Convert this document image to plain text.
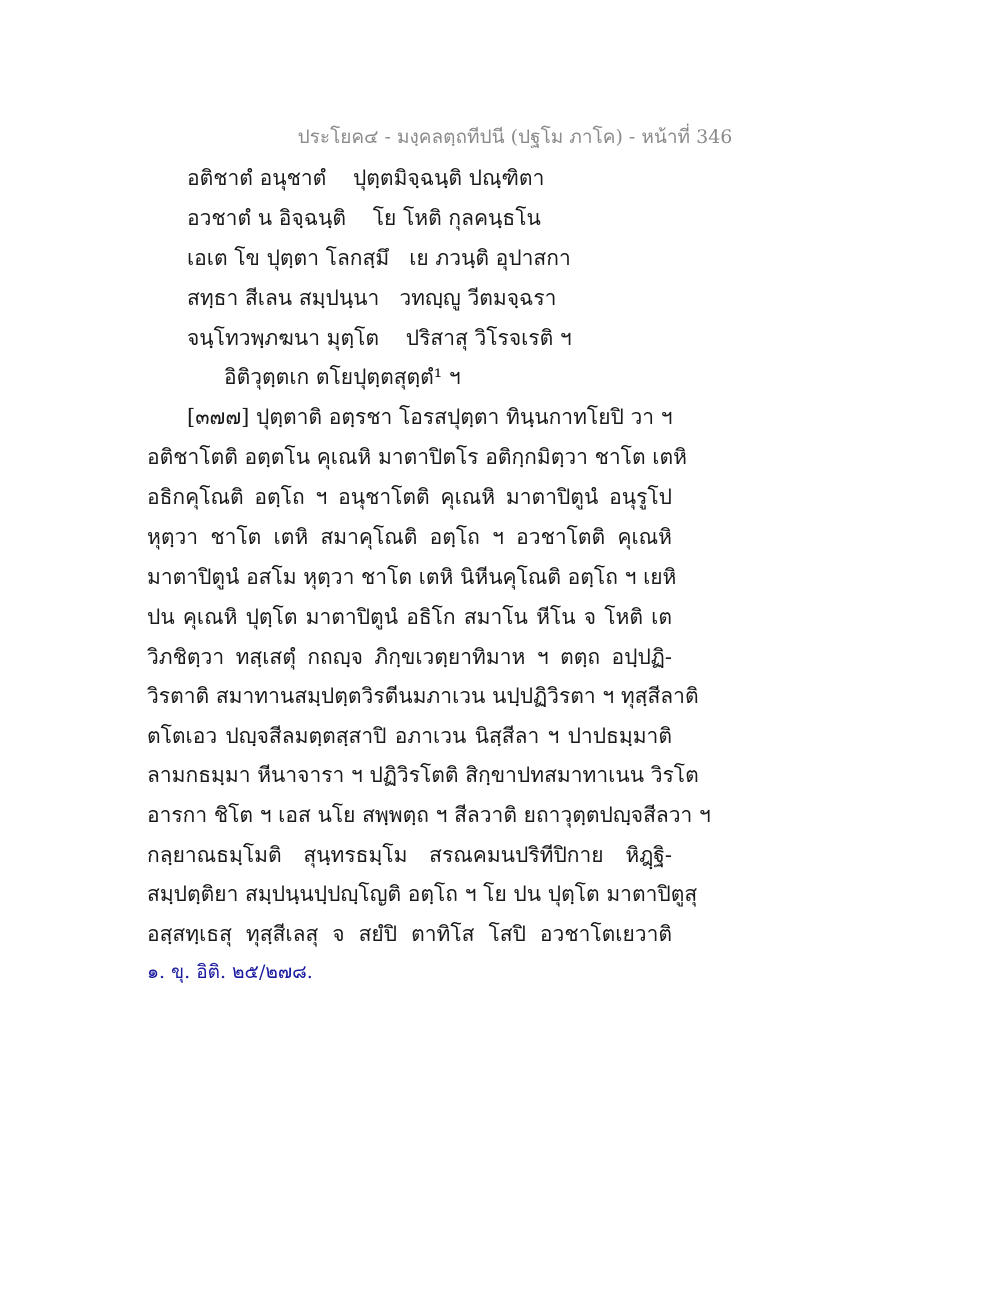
ประโยค๔ - มงฺคลตฺถทีปนี (ปฐโม ภาโค) - หน้าที่ 346
อติชาตํ อนุชาตํ    ปุตฺตมิจฺฉนฺติ ปณฺฑิตา
อวชาตํ น อิจฺฉนฺติ    โย โหติ กุลคนฺธโน
เอเต โข ปุตฺตา โลกสฺมึ   เย ภวนฺติ อุปาสกา
สทฺธา สีเลน สมฺปนฺนา   วทญฺญู วีตมจฺฉรา
จนฺโทวพฺภฆนา มุตฺโต    ปริสาสุ วิโรจเรติ ฯ
อิติวุตฺตเก ตโยปุตฺตสุตฺตํ¹ ฯ
[๓๗๗] ปุตฺตาติ อตฺรชา โอรสปุตฺตา ทินฺนกาทโยปิ วา ฯ
อติชาโตติ อตฺตโน คุเณหิ มาตาปิตโร อติกฺกมิตฺวา ชาโต เตหิ
อธิกคุโณติ อตฺโถ ฯ อนุชาโตติ คุเณหิ มาตาปิตูนํ อนุรูโป
หุตฺวา ชาโต เตหิ สมาคุโณติ อตฺโถ ฯ อวชาโตติ คุเณหิ
มาตาปิตูนํ อสโม หุตฺวา ชาโต เตหิ นิหีนคุโณติ อตฺโถ ฯ เยหิ
ปน คุเณหิ ปุตฺโต มาตาปิตูนํ อธิโก สมาโน หีโน จ โหติ เต
วิภชิตฺวา ทสฺเสตุํ กถญฺจ ภิกฺขเวตฺยาทิมาห ฯ ตตฺถ อปฺปฏิ-
วิรตาติ สมาทานสมฺปตฺตวิรตีนมภาเวน นปฺปฏิวิรตา ฯ ทุสฺสีลาติ
ตโตเอว ปญฺจสีลมตฺตสฺสาปิ อภาเวน นิสฺสีลา ฯ ปาปธมฺมาติ
ลามกธมฺมา หีนาจารา ฯ ปฏิวิรโตติ สิกฺขาปทสมาทาเนน วิรโต
อารกา ชิโต ฯ เอส นโย สพฺพตฺถ ฯ สีลวาติ ยถาวุตฺตปญฺจสีลวา ฯ
กลฺยาณธมฺโมติ สุนฺทรธมฺโม สรณคมนปริทีปิกาย หิฎฺฐิ-
สมฺปตฺติยา สมฺปนฺนปฺปญฺโญติ อตฺโถ ฯ โย ปน ปุตฺโต มาตาปิตูสุ
อสฺสทฺเธสุ ทุสฺสีเลสุ จ สยํปิ ตาทิโส โสปิ อวชาโตเยวาติ
๑. ขุ. อิติ. ๒๕/๒๗๘.
